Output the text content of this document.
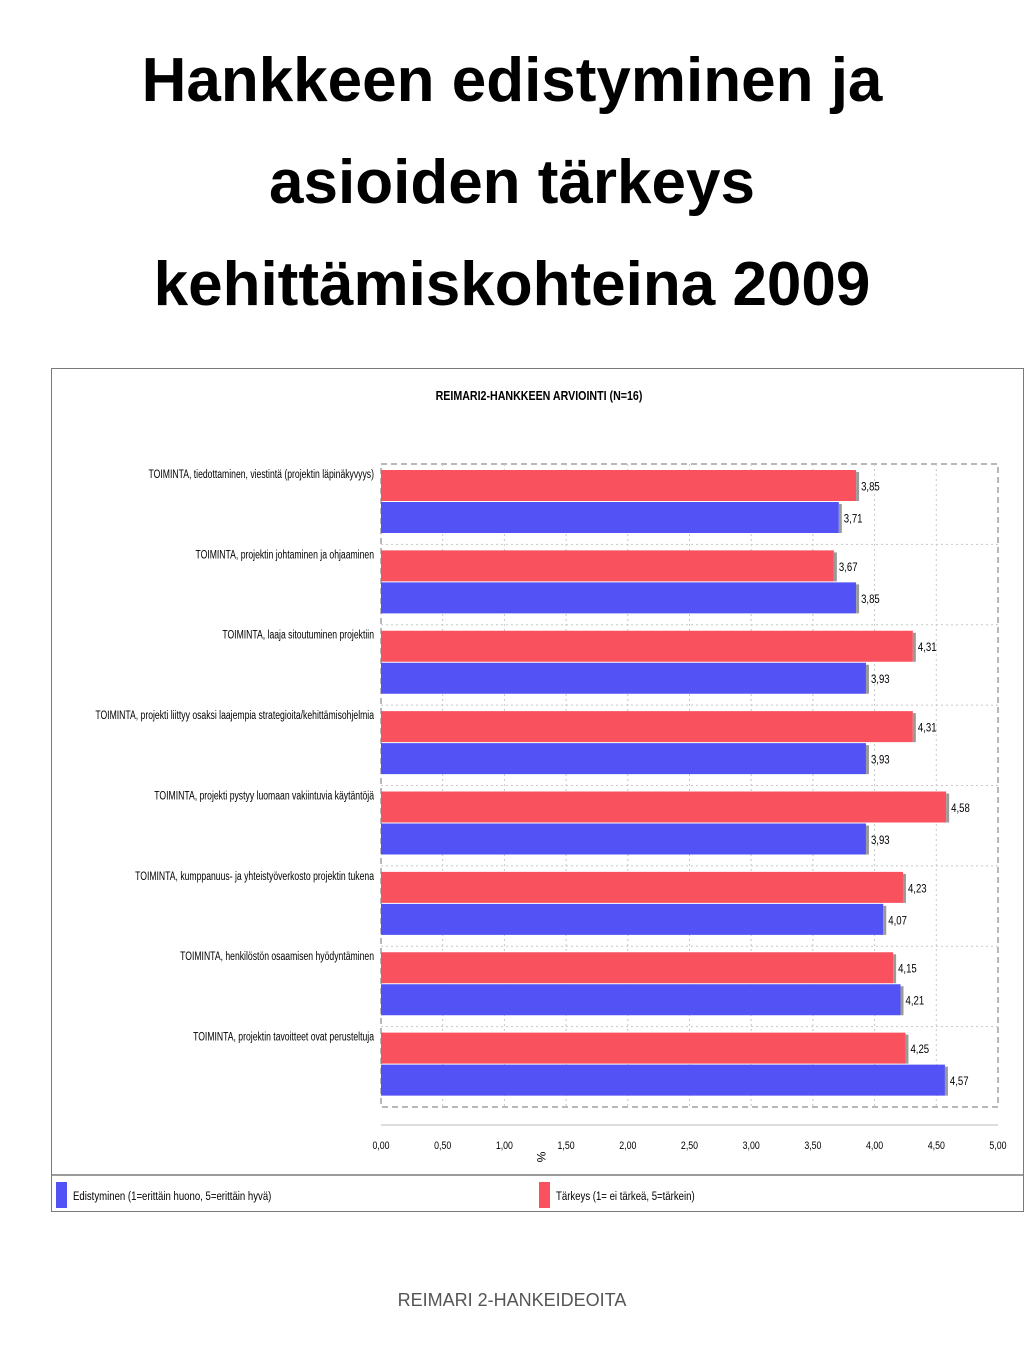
Hankkeen edistyminen ja
asioiden tärkeys
kehittämiskohteina 2009
REIMARI2-HANKKEEN ARVIOINTI (N=16)
0,00	0,50	1,00	1,50	2,00	2,50	3,00	3,50	4,00	4,50	5,00
%
3,85
3,71
TOIMINTA, tiedottaminen, viestintä (projektin läpinäkyvyys)
3,67
3,85
TOIMINTA, projektin johtaminen ja ohjaaminen
4,31
3,93
TOIMINTA, laaja sitoutuminen projektiin
4,31
3,93
TOIMINTA, projekti liittyy osaksi laajempia strategioita/kehittämisohjelmia
4,58
3,93
TOIMINTA, projekti pystyy luomaan vakiintuvia käytäntöjä
4,23
4,07
TOIMINTA, kumppanuus- ja yhteistyöverkosto projektin tukena
4,15
4,21
TOIMINTA, henkilöstön osaamisen hyödyntäminen
4,25
4,57
TOIMINTA, projektin tavoitteet ovat perusteltuja
Edistyminen (1=erittäin huono, 5=erittäin hyvä)	Tärkeys (1= ei tärkeä, 5=tärkein)
REIMARI 2-HANKEIDEOITA
